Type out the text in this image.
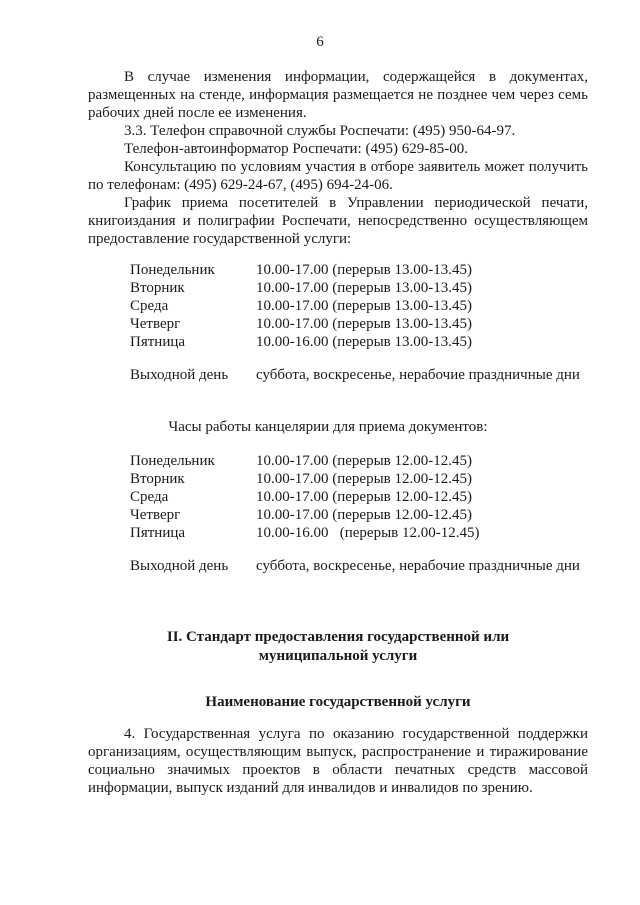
6

В случае изменения информации, содержащейся в документах, размещенных на стенде, информация размещается не позднее чем через семь рабочих дней после ее изменения.

3.3. Телефон справочной службы Роспечати: (495) 950-64-97.

Телефон-автоинформатор Роспечати: (495) 629-85-00.

Консультацию по условиям участия в отборе заявитель может получить по телефонам: (495) 629-24-67, (495) 694-24-06.

График приема посетителей в Управлении периодической печати, книгоиздания и полиграфии Роспечати, непосредственно осуществляющем предоставление государственной услуги:

Понедельник	10.00-17.00 (перерыв 13.00-13.45)
Вторник	10.00-17.00 (перерыв 13.00-13.45)
Среда	10.00-17.00 (перерыв 13.00-13.45)
Четверг	10.00-17.00 (перерыв 13.00-13.45)
Пятница	10.00-16.00 (перерыв 13.00-13.45)
Выходной день	суббота, воскресенье, нерабочие праздничные дни
Часы работы канцелярии для приема документов:
Понедельник	10.00-17.00 (перерыв 12.00-12.45)
Вторник	10.00-17.00 (перерыв 12.00-12.45)
Среда	10.00-17.00 (перерыв 12.00-12.45)
Четверг	10.00-17.00 (перерыв 12.00-12.45)
Пятница	10.00-16.00   (перерыв 12.00-12.45)
Выходной день	суббота, воскресенье, нерабочие праздничные дни
II. Стандарт предоставления государственной или
муниципальной услуги
Наименование государственной услуги

4. Государственная услуга по оказанию государственной поддержки организациям, осуществляющим выпуск, распространение и тиражирование социально значимых проектов в области печатных средств массовой информации, выпуск изданий для инвалидов и инвалидов по зрению.
